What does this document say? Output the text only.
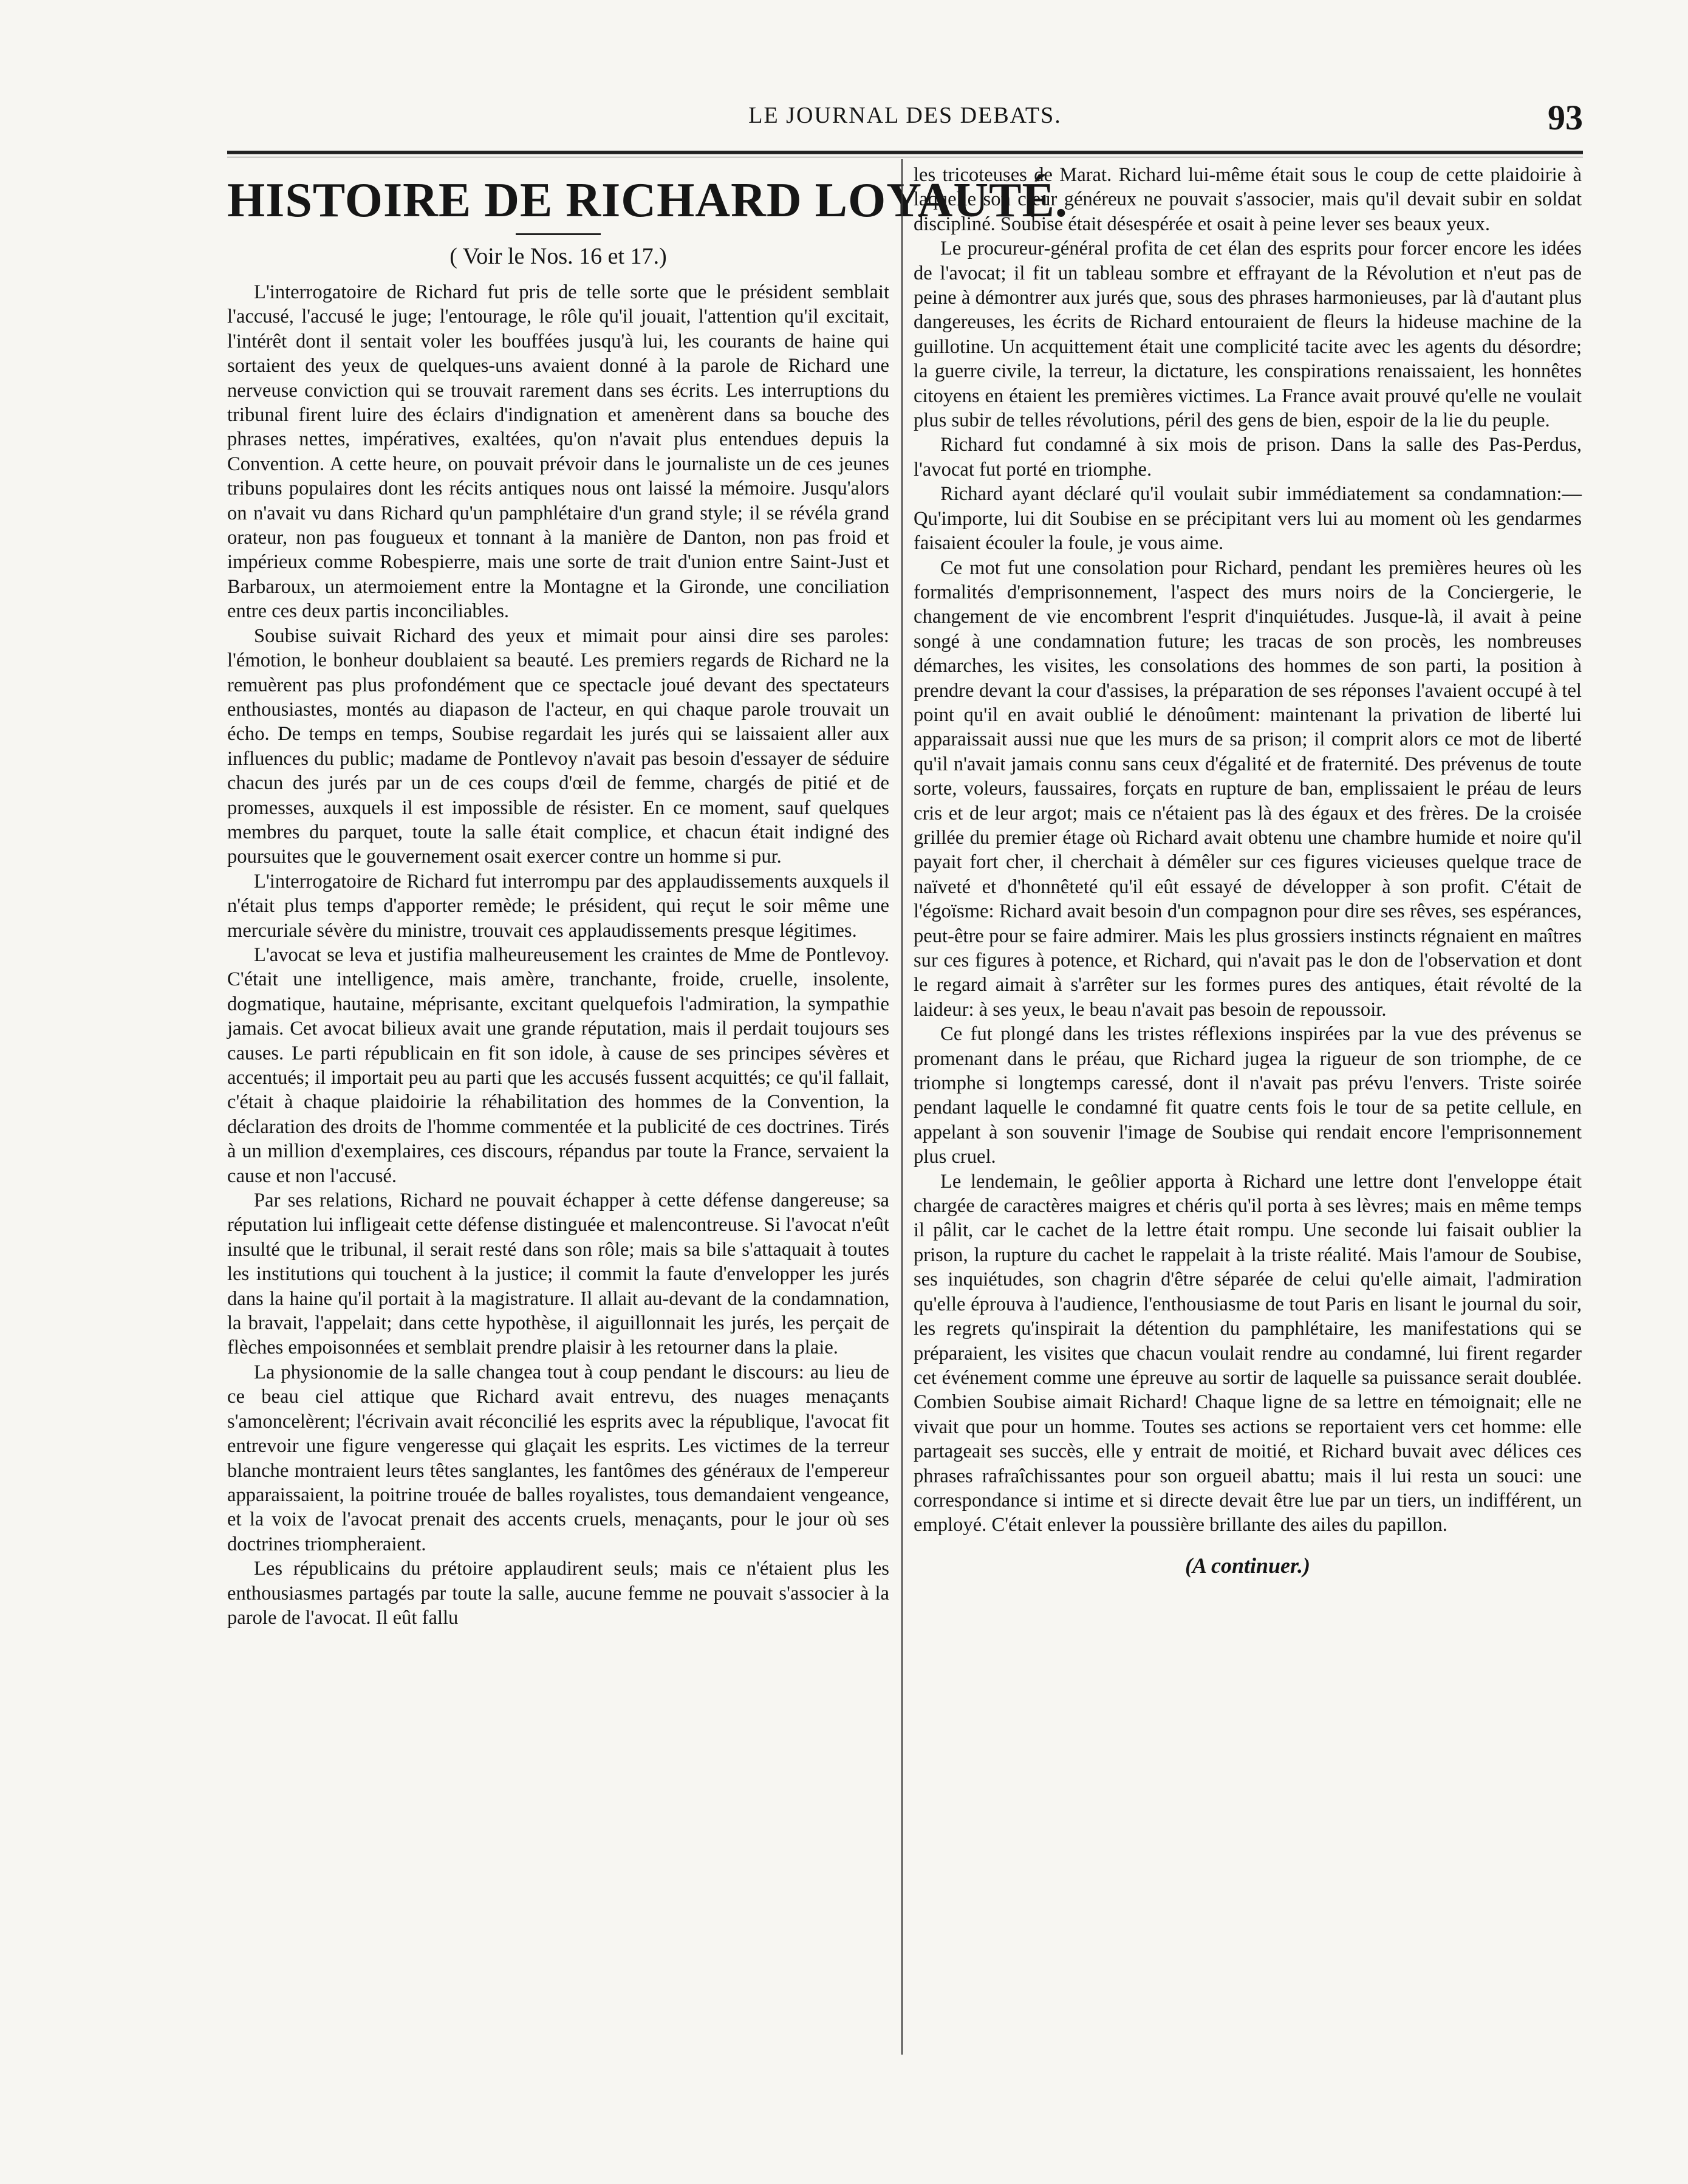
LE JOURNAL DES DEBATS.	93
HISTOIRE DE RICHARD LOYAUTÉ.
( Voir le Nos. 16 et 17.)

L'interrogatoire de Richard fut pris de telle sorte que le président semblait l'accusé, l'accusé le juge; l'entourage, le rôle qu'il jouait, l'attention qu'il excitait, l'intérêt dont il sentait voler les bouffées jusqu'à lui, les courants de haine qui sortaient des yeux de quelques-uns avaient donné à la parole de Richard une nerveuse conviction qui se trouvait rarement dans ses écrits. Les interruptions du tribunal firent luire des éclairs d'indignation et amenèrent dans sa bouche des phrases nettes, impératives, exaltées, qu'on n'avait plus entendues depuis la Convention. A cette heure, on pouvait prévoir dans le journaliste un de ces jeunes tribuns populaires dont les récits antiques nous ont laissé la mémoire. Jusqu'alors on n'avait vu dans Richard qu'un pamphlétaire d'un grand style; il se révéla grand orateur, non pas fougueux et tonnant à la manière de Danton, non pas froid et impérieux comme Robespierre, mais une sorte de trait d'union entre Saint-Just et Barbaroux, un atermoiement entre la Montagne et la Gironde, une conciliation entre ces deux partis inconciliables.

Soubise suivait Richard des yeux et mimait pour ainsi dire ses paroles: l'émotion, le bonheur doublaient sa beauté. Les premiers regards de Richard ne la remuèrent pas plus profondément que ce spectacle joué devant des spectateurs enthousiastes, montés au diapason de l'acteur, en qui chaque parole trouvait un écho. De temps en temps, Soubise regardait les jurés qui se laissaient aller aux influences du public; madame de Pontlevoy n'avait pas besoin d'essayer de séduire chacun des jurés par un de ces coups d'œil de femme, chargés de pitié et de promesses, auxquels il est impossible de résister. En ce moment, sauf quelques membres du parquet, toute la salle était complice, et chacun était indigné des poursuites que le gouvernement osait exercer contre un homme si pur.

L'interrogatoire de Richard fut interrompu par des applaudissements auxquels il n'était plus temps d'apporter remède; le président, qui reçut le soir même une mercuriale sévère du ministre, trouvait ces applaudissements presque légitimes.

L'avocat se leva et justifia malheureusement les craintes de Mme de Pontlevoy. C'était une intelligence, mais amère, tranchante, froide, cruelle, insolente, dogmatique, hautaine, méprisante, excitant quelquefois l'admiration, la sympathie jamais. Cet avocat bilieux avait une grande réputation, mais il perdait toujours ses causes. Le parti républicain en fit son idole, à cause de ses principes sévères et accentués; il importait peu au parti que les accusés fussent acquittés; ce qu'il fallait, c'était à chaque plaidoirie la réhabilitation des hommes de la Convention, la déclaration des droits de l'homme commentée et la publicité de ces doctrines. Tirés à un million d'exemplaires, ces discours, répandus par toute la France, servaient la cause et non l'accusé.

Par ses relations, Richard ne pouvait échapper à cette défense dangereuse; sa réputation lui infligeait cette défense distinguée et malencontreuse. Si l'avocat n'eût insulté que le tribunal, il serait resté dans son rôle; mais sa bile s'attaquait à toutes les institutions qui touchent à la justice; il commit la faute d'envelopper les jurés dans la haine qu'il portait à la magistrature. Il allait au-devant de la condamnation, la bravait, l'appelait; dans cette hypothèse, il aiguillonnait les jurés, les perçait de flèches empoisonnées et semblait prendre plaisir à les retourner dans la plaie.

La physionomie de la salle changea tout à coup pendant le discours: au lieu de ce beau ciel attique que Richard avait entrevu, des nuages menaçants s'amoncelèrent; l'écrivain avait réconcilié les esprits avec la république, l'avocat fit entrevoir une figure vengeresse qui glaçait les esprits. Les victimes de la terreur blanche montraient leurs têtes sanglantes, les fantômes des généraux de l'empereur apparaissaient, la poitrine trouée de balles royalistes, tous demandaient vengeance, et la voix de l'avocat prenait des accents cruels, menaçants, pour le jour où ses doctrines triompheraient.

Les républicains du prétoire applaudirent seuls; mais ce n'étaient plus les enthousiasmes partagés par toute la salle, aucune femme ne pouvait s'associer à la parole de l'avocat. Il eût fallu

les tricoteuses de Marat. Richard lui-même était sous le coup de cette plaidoirie à laquelle son cœur généreux ne pouvait s'associer, mais qu'il devait subir en soldat discipliné. Soubise était désespérée et osait à peine lever ses beaux yeux.

Le procureur-général profita de cet élan des esprits pour forcer encore les idées de l'avocat; il fit un tableau sombre et effrayant de la Révolution et n'eut pas de peine à démontrer aux jurés que, sous des phrases harmonieuses, par là d'autant plus dangereuses, les écrits de Richard entouraient de fleurs la hideuse machine de la guillotine. Un acquittement était une complicité tacite avec les agents du désordre; la guerre civile, la terreur, la dictature, les conspirations renaissaient, les honnêtes citoyens en étaient les premières victimes. La France avait prouvé qu'elle ne voulait plus subir de telles révolutions, péril des gens de bien, espoir de la lie du peuple.

Richard fut condamné à six mois de prison. Dans la salle des Pas-Perdus, l'avocat fut porté en triomphe.

Richard ayant déclaré qu'il voulait subir immédiatement sa condamnation:—Qu'importe, lui dit Soubise en se précipitant vers lui au moment où les gendarmes faisaient écouler la foule, je vous aime.

Ce mot fut une consolation pour Richard, pendant les premières heures où les formalités d'emprisonnement, l'aspect des murs noirs de la Conciergerie, le changement de vie encombrent l'esprit d'inquiétudes. Jusque-là, il avait à peine songé à une condamnation future; les tracas de son procès, les nombreuses démarches, les visites, les consolations des hommes de son parti, la position à prendre devant la cour d'assises, la préparation de ses réponses l'avaient occupé à tel point qu'il en avait oublié le dénoûment: maintenant la privation de liberté lui apparaissait aussi nue que les murs de sa prison; il comprit alors ce mot de liberté qu'il n'avait jamais connu sans ceux d'égalité et de fraternité. Des prévenus de toute sorte, voleurs, faussaires, forçats en rupture de ban, emplissaient le préau de leurs cris et de leur argot; mais ce n'étaient pas là des égaux et des frères. De la croisée grillée du premier étage où Richard avait obtenu une chambre humide et noire qu'il payait fort cher, il cherchait à démêler sur ces figures vicieuses quelque trace de naïveté et d'honnêteté qu'il eût essayé de développer à son profit. C'était de l'égoïsme: Richard avait besoin d'un compagnon pour dire ses rêves, ses espérances, peut-être pour se faire admirer. Mais les plus grossiers instincts régnaient en maîtres sur ces figures à potence, et Richard, qui n'avait pas le don de l'observation et dont le regard aimait à s'arrêter sur les formes pures des antiques, était révolté de la laideur: à ses yeux, le beau n'avait pas besoin de repoussoir.

Ce fut plongé dans les tristes réflexions inspirées par la vue des prévenus se promenant dans le préau, que Richard jugea la rigueur de son triomphe, de ce triomphe si longtemps caressé, dont il n'avait pas prévu l'envers. Triste soirée pendant laquelle le condamné fit quatre cents fois le tour de sa petite cellule, en appelant à son souvenir l'image de Soubise qui rendait encore l'emprisonnement plus cruel.

Le lendemain, le geôlier apporta à Richard une lettre dont l'enveloppe était chargée de caractères maigres et chéris qu'il porta à ses lèvres; mais en même temps il pâlit, car le cachet de la lettre était rompu. Une seconde lui faisait oublier la prison, la rupture du cachet le rappelait à la triste réalité. Mais l'amour de Soubise, ses inquiétudes, son chagrin d'être séparée de celui qu'elle aimait, l'admiration qu'elle éprouva à l'audience, l'enthousiasme de tout Paris en lisant le journal du soir, les regrets qu'inspirait la détention du pamphlétaire, les manifestations qui se préparaient, les visites que chacun voulait rendre au condamné, lui firent regarder cet événement comme une épreuve au sortir de laquelle sa puissance serait doublée. Combien Soubise aimait Richard! Chaque ligne de sa lettre en témoignait; elle ne vivait que pour un homme. Toutes ses actions se reportaient vers cet homme: elle partageait ses succès, elle y entrait de moitié, et Richard buvait avec délices ces phrases rafraîchissantes pour son orgueil abattu; mais il lui resta un souci: une correspondance si intime et si directe devait être lue par un tiers, un indifférent, un employé. C'était enlever la poussière brillante des ailes du papillon.

(A continuer.)
